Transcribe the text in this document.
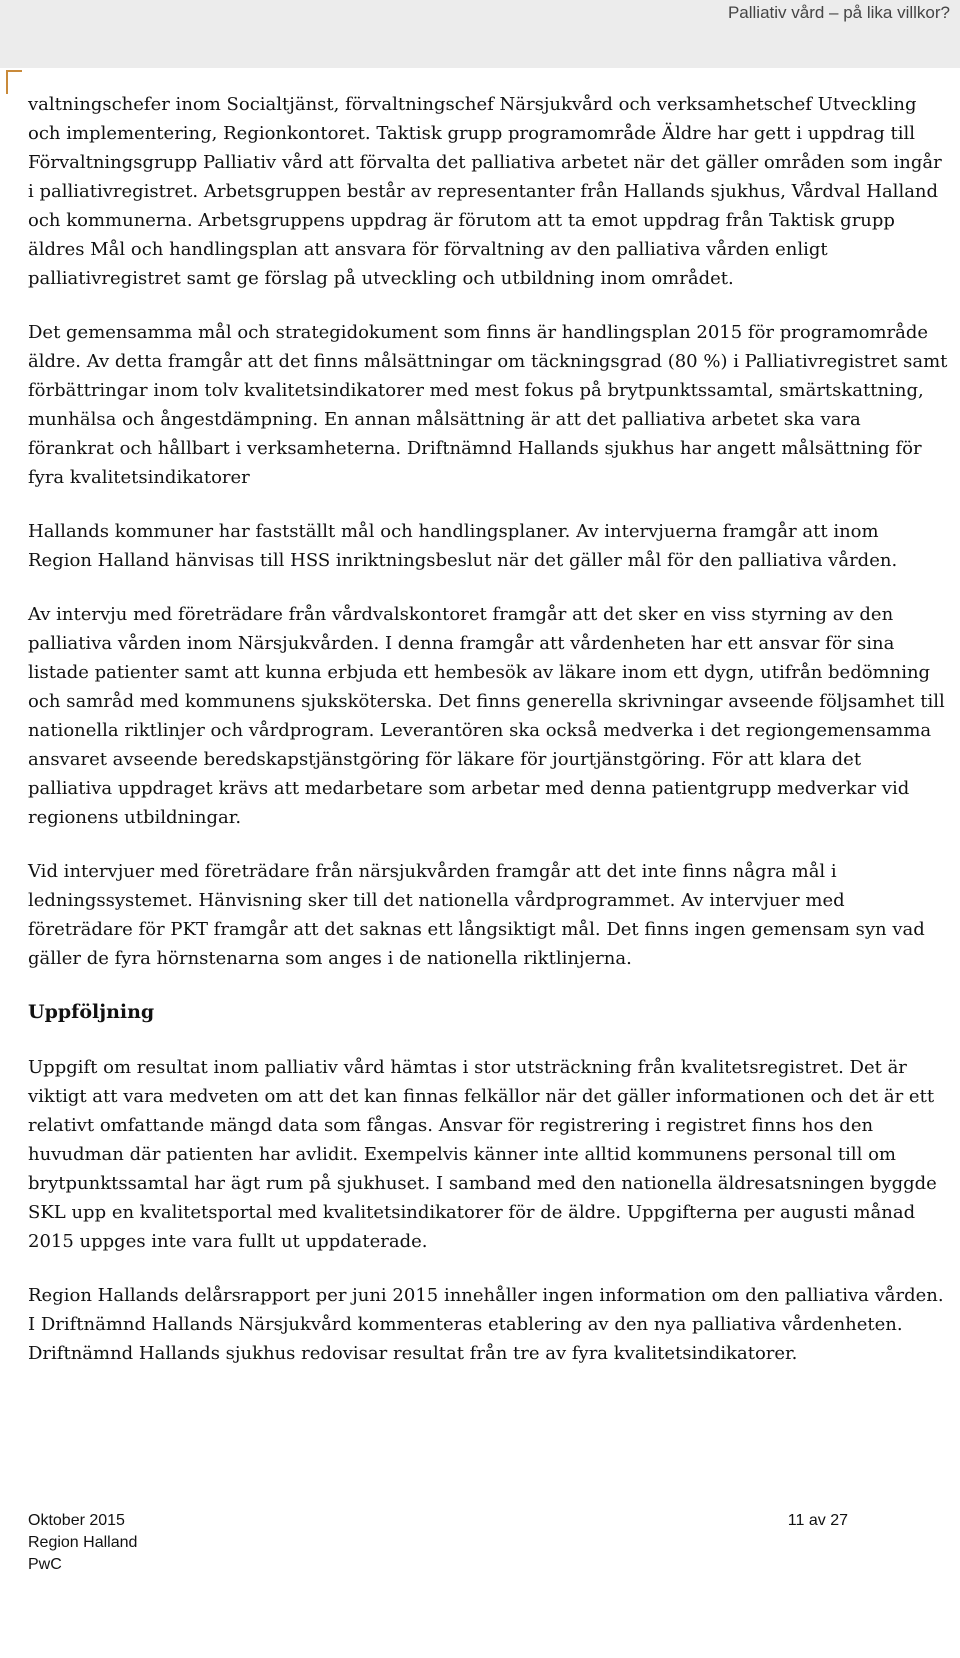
Palliativ vård – på lika villkor?

valtningschefer inom Socialtjänst, förvaltningschef Närsjukvård och verksamhetschef Utveckling och implementering, Regionkontoret. Taktisk grupp programområde Äldre har gett i uppdrag till Förvaltningsgrupp Palliativ vård att förvalta det palliativa arbetet när det gäller områden som ingår i palliativregistret. Arbetsgruppen består av representanter från Hallands sjukhus, Vårdval Halland och kommunerna. Arbetsgruppens uppdrag är förutom att ta emot uppdrag från Taktisk grupp äldres Mål och handlingsplan att ansvara för förvaltning av den palliativa vården enligt palliativregistret samt ge förslag på utveckling och utbildning inom området.

Det gemensamma mål och strategidokument som finns är handlingsplan 2015 för programområde äldre. Av detta framgår att det finns målsättningar om täckningsgrad (80 %) i Palliativregistret samt förbättringar inom tolv kvalitetsindikatorer med mest fokus på brytpunktssamtal, smärtskattning, munhälsa och ångestdämpning. En annan målsättning är att det palliativa arbetet ska vara förankrat och hållbart i verksamheterna. Driftnämnd Hallands sjukhus har angett målsättning för fyra kvalitetsindikatorer

Hallands kommuner har fastställt mål och handlingsplaner. Av intervjuerna framgår att inom Region Halland hänvisas till HSS inriktningsbeslut när det gäller mål för den palliativa vården.

Av intervju med företrädare från vårdvalskontoret framgår att det sker en viss styrning av den palliativa vården inom Närsjukvården. I denna framgår att vårdenheten har ett ansvar för sina listade patienter samt att kunna erbjuda ett hembesök av läkare inom ett dygn, utifrån bedömning och samråd med kommunens sjuksköterska. Det finns generella skrivningar avseende följsamhet till nationella riktlinjer och vårdprogram. Leverantören ska också medverka i det regiongemensamma ansvaret avseende beredskapstjänstgöring för läkare för jourtjänstgöring. För att klara det palliativa uppdraget krävs att medarbetare som arbetar med denna patientgrupp medverkar vid regionens utbildningar.

Vid intervjuer med företrädare från närsjukvården framgår att det inte finns några mål i ledningssystemet. Hänvisning sker till det nationella vårdprogrammet. Av intervjuer med företrädare för PKT framgår att det saknas ett långsiktigt mål. Det finns ingen gemensam syn vad gäller de fyra hörnstenarna som anges i de nationella riktlinjerna.

Uppföljning

Uppgift om resultat inom palliativ vård hämtas i stor utsträckning från kvalitetsregistret. Det är viktigt att vara medveten om att det kan finnas felkällor när det gäller informationen och det är ett relativt omfattande mängd data som fångas. Ansvar för registrering i registret finns hos den huvudman där patienten har avlidit. Exempelvis känner inte alltid kommunens personal till om brytpunktssamtal har ägt rum på sjukhuset. I samband med den nationella äldresatsningen byggde SKL upp en kvalitetsportal med kvalitetsindikatorer för de äldre. Uppgifterna per augusti månad 2015 uppges inte vara fullt ut uppdaterade.

Region Hallands delårsrapport per juni 2015 innehåller ingen information om den palliativa vården. I Driftnämnd Hallands Närsjukvård kommenteras etablering av den nya palliativa vårdenheten. Driftnämnd Hallands sjukhus redovisar resultat från tre av fyra kvalitetsindikatorer.

Oktober 2015
Region Halland
PwC
11 av 27
